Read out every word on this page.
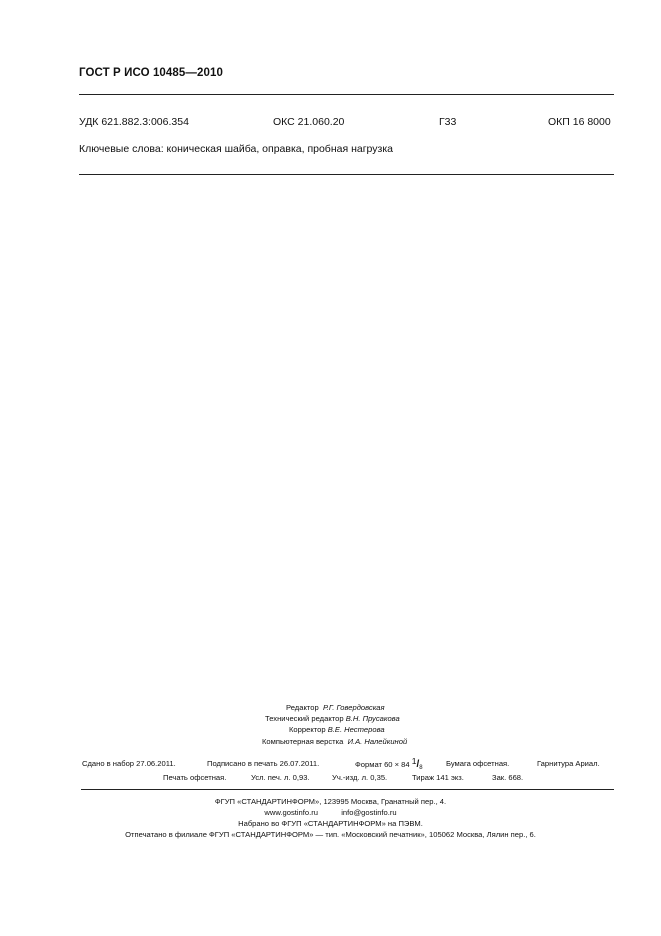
ГОСТ Р ИСО 10485—2010
УДК 621.882.3:006.354	ОКС 21.060.20	Г33	ОКП 16 8000
Ключевые слова: коническая шайба, оправка, пробная нагрузка
Редактор Р.Г. Говердовская
Технический редактор В.Н. Прусакова
Корректор В.Е. Нестерова
Компьютерная верстка И.А. Налейкиной
Сдано в набор 27.06.2011.	Подписано в печать 26.07.2011.	Формат 60 × 84 1/8	Бумага офсетная.	Гарнитура Ариал.
Печать офсетная.	Усл. печ. л. 0,93.	Уч.-изд. л. 0,35.	Тираж 141 экз.	Зак. 668.
ФГУП «СТАНДАРТИНФОРМ», 123995 Москва, Гранатный пер., 4.
www.gostinfo.ru	info@gostinfo.ru
Набрано во ФГУП «СТАНДАРТИНФОРМ» на ПЭВМ.
Отпечатано в филиале ФГУП «СТАНДАРТИНФОРМ» — тип. «Московский печатник», 105062 Москва, Лялин пер., 6.
